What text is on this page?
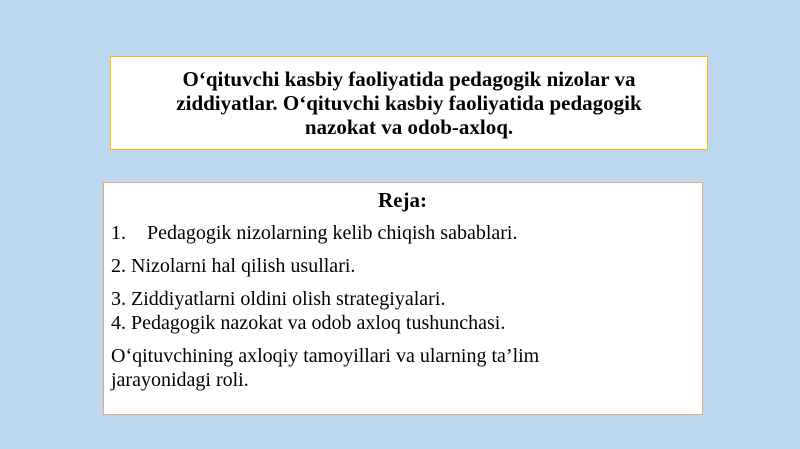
O‘qituvchi kasbiy faoliyatida pedagogik nizolar va
ziddiyatlar. O‘qituvchi kasbiy faoliyatida pedagogik
nazokat va odob-axloq.

Reja:

1. Pedagogik nizolarning kelib chiqish sabablari.

2. Nizolarni hal qilish usullari.

3. Ziddiyatlarni oldini olish strategiyalari.

4. Pedagogik nazokat va odob axloq tushunchasi.

O‘qituvchining axloqiy tamoyillari va ularning ta’lim
jarayonidagi roli.
